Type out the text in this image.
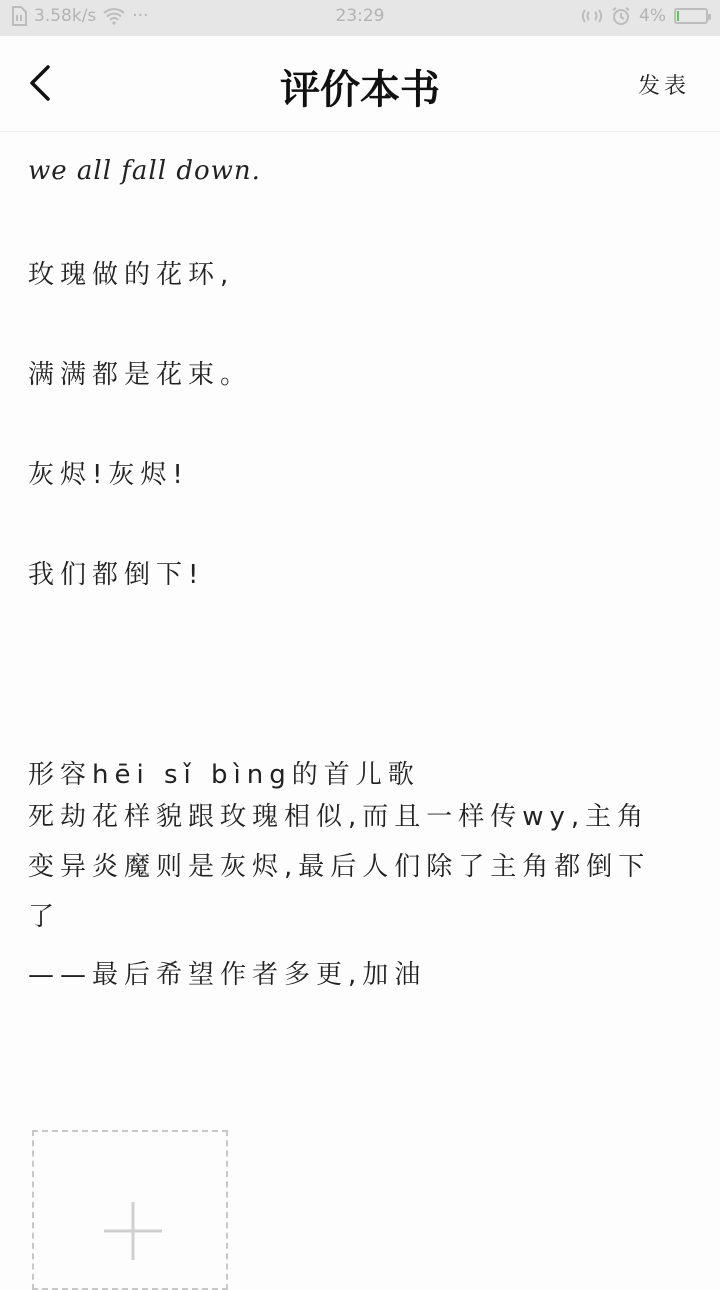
3.58k/s ···	23:29	4%
评价本书	发表

we all fall down.

玫瑰做的花环,

满满都是花束。

灰烬!灰烬!

我们都倒下!

形容hēi sǐ bìng的首儿歌

死劫花样貌跟玫瑰相似,而且一样传wy,主角变异炎魔则是灰烬,最后人们除了主角都倒下了

——最后希望作者多更,加油
